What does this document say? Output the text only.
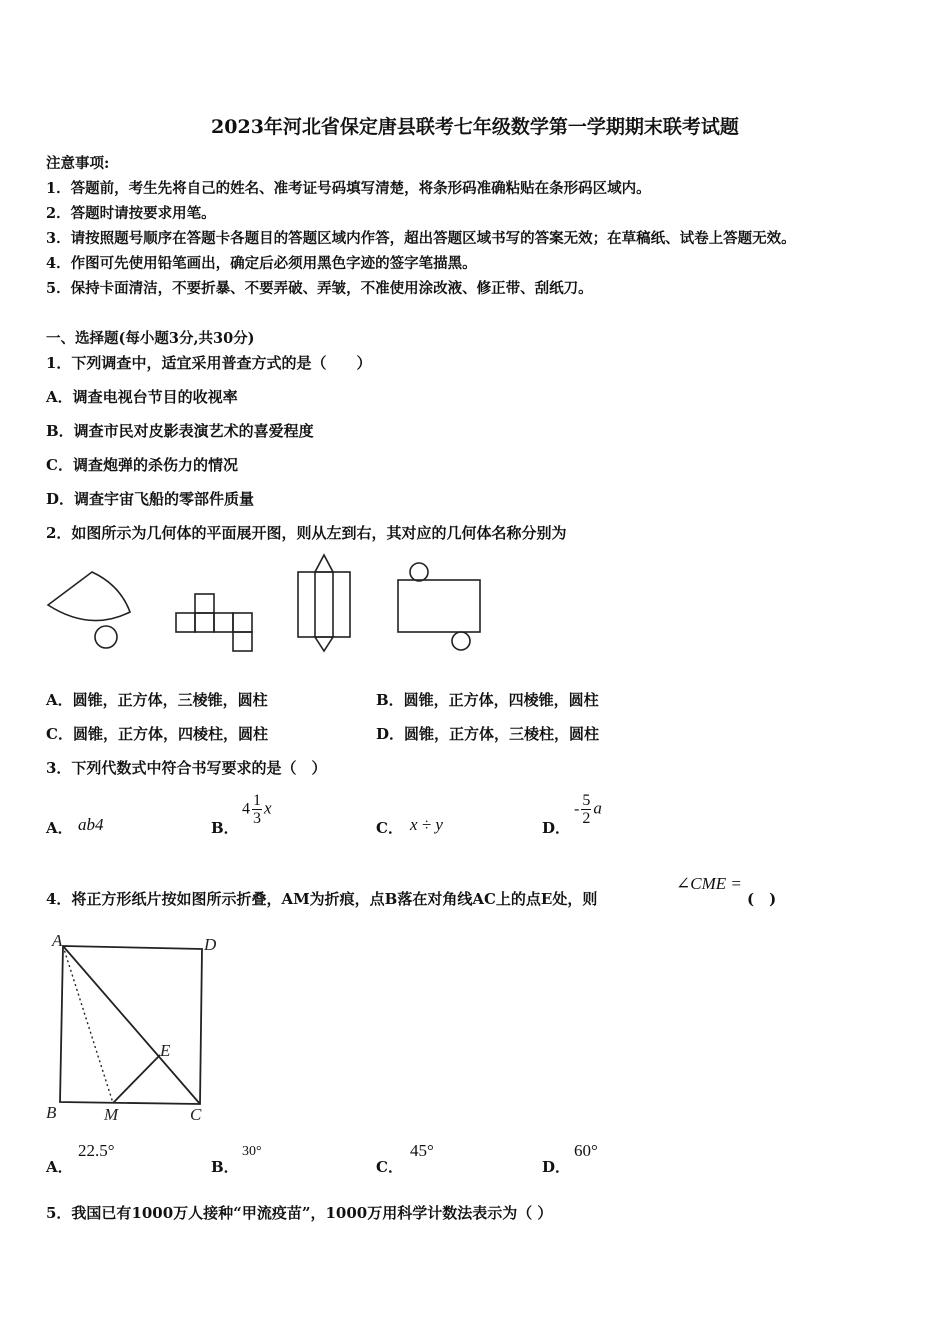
2023年河北省保定唐县联考七年级数学第一学期期末联考试题
注意事项:
1．答题前，考生先将自己的姓名、准考证号码填写清楚，将条形码准确粘贴在条形码区域内。
2．答题时请按要求用笔。
3．请按照题号顺序在答题卡各题目的答题区域内作答，超出答题区域书写的答案无效；在草稿纸、试卷上答题无效。
4．作图可先使用铅笔画出，确定后必须用黑色字迹的签字笔描黑。
5．保持卡面清洁，不要折暴、不要弄破、弄皱，不准使用涂改液、修正带、刮纸刀。
一、选择题(每小题3分,共30分)
1．下列调查中，适宜采用普查方式的是（　　）
A．调查电视台节目的收视率
B．调查市民对皮影表演艺术的喜爱程度
C．调查炮弹的杀伤力的情况
D．调查宇宙飞船的零部件质量
2．如图所示为几何体的平面展开图，则从左到右，其对应的几何体名称分别为
A．圆锥，正方体，三棱锥，圆柱	B．圆锥，正方体，四棱锥，圆柱
C．圆锥，正方体，四棱柱，圆柱	D．圆锥，正方体，三棱柱，圆柱
3．下列代数式中符合书写要求的是（　）
A． ab4	B．
$4 \frac{1}{3}$ x
C． x ÷ y	D．
- $\frac{5}{2}$ a
4．将正方形纸片按如图所示折叠，AM为折痕，点B落在对角线AC上的点E处，则
∠CME =
(　)
A	D
E
B	M	C
A．
22.5°
B．
30°
C．
45°
D．
60°
5．我国已有1000万人接种“甲流疫苗”，1000万用科学计数法表示为（ ）
